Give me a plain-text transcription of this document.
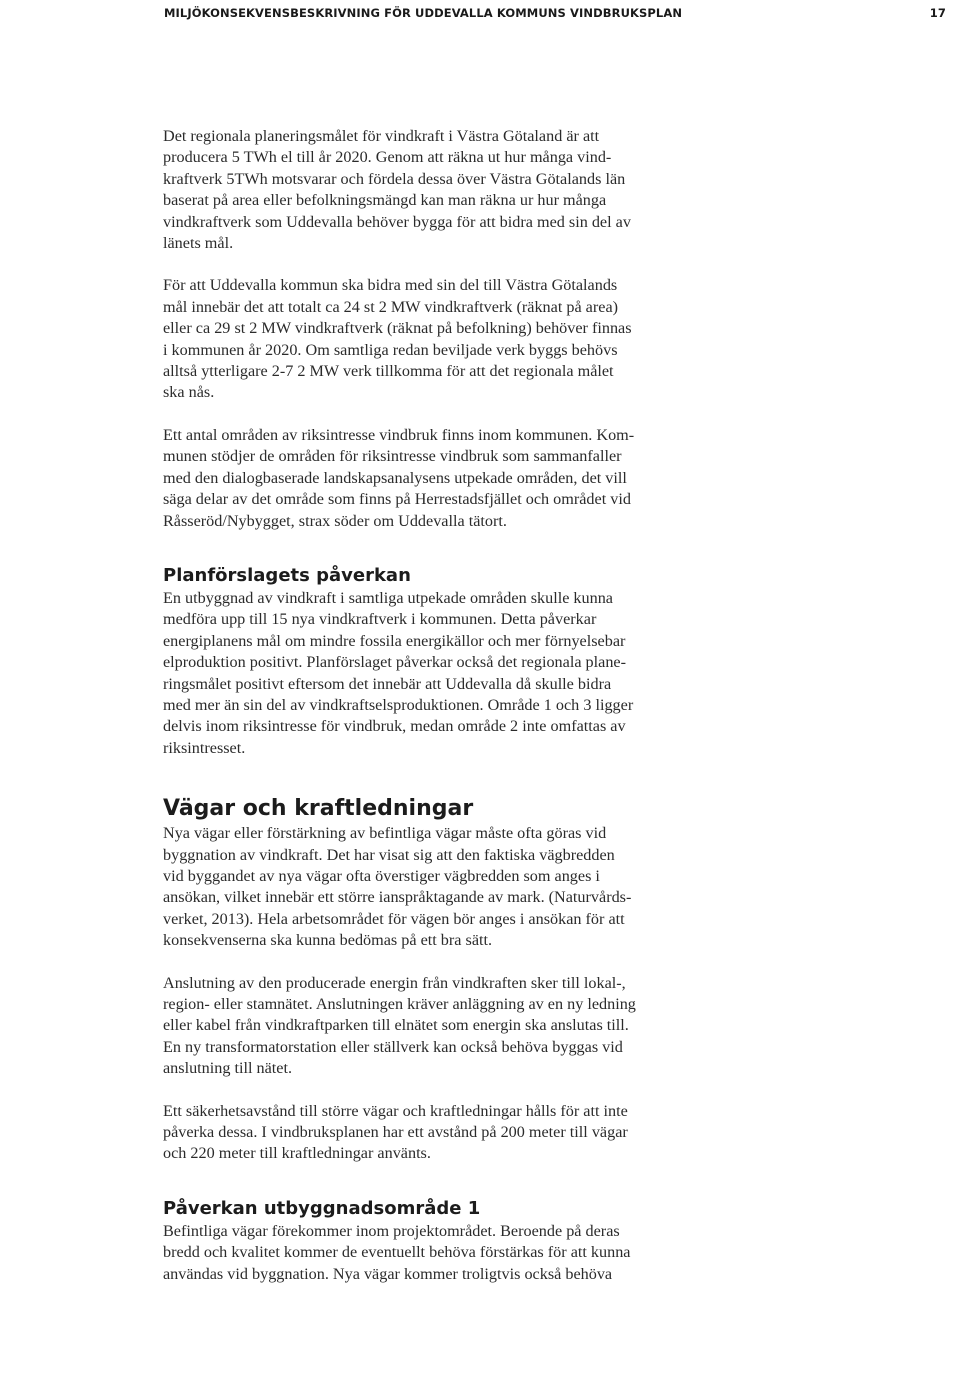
MILJÖKONSEKVENSBESKRIVNING FÖR UDDEVALLA KOMMUNS VINDBRUKSPLAN	17

Det regionala planeringsmålet för vindkraft i Västra Götaland är att
producera 5 TWh el till år 2020. Genom att räkna ut hur många vind-
kraftverk 5TWh motsvarar och fördela dessa över Västra Götalands län
baserat på area eller befolkningsmängd kan man räkna ur hur många
vindkraftverk som Uddevalla behöver bygga för att bidra med sin del av
länets mål.

För att Uddevalla kommun ska bidra med sin del till Västra Götalands
mål innebär det att totalt ca 24 st 2 MW vindkraftverk (räknat på area)
eller ca 29 st 2 MW vindkraftverk (räknat på befolkning) behöver finnas
i kommunen år 2020. Om samtliga redan beviljade verk byggs behövs
alltså ytterligare 2-7 2 MW verk tillkomma för att det regionala målet
ska nås.

Ett antal områden av riksintresse vindbruk finns inom kommunen. Kom-
munen stödjer de områden för riksintresse vindbruk som sammanfaller
med den dialogbaserade landskapsanalysens utpekade områden, det vill
säga delar av det område som finns på Herrestadsfjället och området vid
Råsseröd/Nybygget, strax söder om Uddevalla tätort.

Planförslagets påverkan

En utbyggnad av vindkraft i samtliga utpekade områden skulle kunna
medföra upp till 15 nya vindkraftverk i kommunen. Detta påverkar
energiplanens mål om mindre fossila energikällor och mer förnyelsebar
elproduktion positivt. Planförslaget påverkar också det regionala plane-
ringsmålet positivt eftersom det innebär att Uddevalla då skulle bidra
med mer än sin del av vindkraftselsproduktionen. Område 1 och 3 ligger
delvis inom riksintresse för vindbruk, medan område 2 inte omfattas av
riksintresset.

Vägar och kraftledningar

Nya vägar eller förstärkning av befintliga vägar måste ofta göras vid
byggnation av vindkraft. Det har visat sig att den faktiska vägbredden
vid byggandet av nya vägar ofta överstiger vägbredden som anges i
ansökan, vilket innebär ett större ianspråktagande av mark. (Naturvårds-
verket, 2013). Hela arbetsområdet för vägen bör anges i ansökan för att
konsekvenserna ska kunna bedömas på ett bra sätt.

Anslutning av den producerade energin från vindkraften sker till lokal-,
region- eller stamnätet. Anslutningen kräver anläggning av en ny ledning
eller kabel från vindkraftparken till elnätet som energin ska anslutas till.
En ny transformatorstation eller ställverk kan också behöva byggas vid
anslutning till nätet.

Ett säkerhetsavstånd till större vägar och kraftledningar hålls för att inte
påverka dessa. I vindbruksplanen har ett avstånd på 200 meter till vägar
och 220 meter till kraftledningar använts.

Påverkan utbyggnadsområde 1

Befintliga vägar förekommer inom projektområdet. Beroende på deras
bredd och kvalitet kommer de eventuellt behöva förstärkas för att kunna
användas vid byggnation. Nya vägar kommer troligtvis också behöva
